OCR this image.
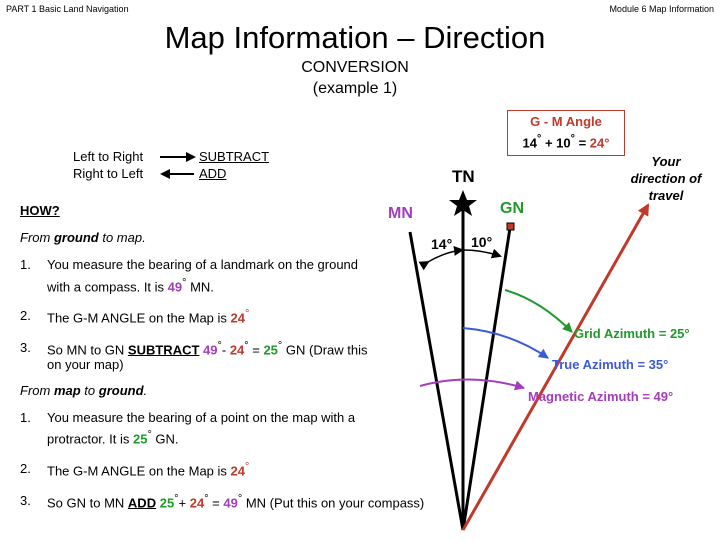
PART 1 Basic Land Navigation	Module 6 Map Information
Map Information – Direction
CONVERSION
(example 1)
G - M Angle
14° + 10° = 24°
Left to Right
Right to Left
SUBTRACT
ADD
Your direction of travel
HOW?
From ground to map.
1. You measure the bearing of a landmark on the ground
with a compass. It is 49° MN.
2. The G-M ANGLE on the Map is 24°
3. So MN to GN SUBTRACT 49°- 24° = 25° GN (Draw this
on your map)
From map to ground.
1. You measure the bearing of a point on the map with a
protractor. It is 25° GN.
2. The G-M ANGLE on the Map is 24°
3. So GN to MN ADD 25°+ 24° = 49° MN (Put this on your compass)
TN
MN	GN
14° 10°
Grid Azimuth = 25°
True Azimuth = 35°
Magnetic Azimuth = 49°
